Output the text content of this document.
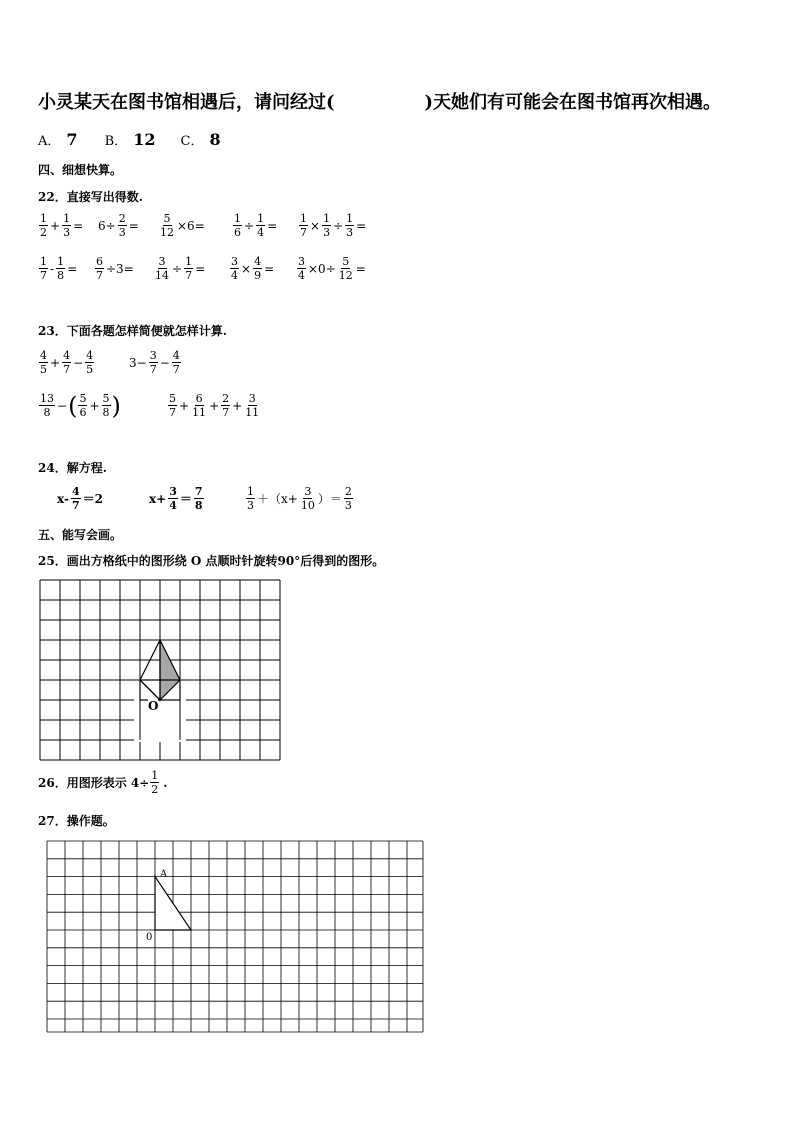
小灵某天在图书馆相遇后，请问经过(	)天她们有可能会在图书馆再次相遇。
A． 7 B． 12 C． 8
四、细想快算。
22．直接写出得数.
$\frac{1}{2} + \frac{1}{3} = 6\div \frac{2}{3} = \frac{5}{12} \times 6=$	$\frac{1}{6} \div \frac{1}{4} = \frac{1}{7} \times \frac{1}{3} \div \frac{1}{3}$ =
$\frac{1}{7} - \frac{1}{8} = \frac{6}{7} \div 3= \frac{3}{14} \div \frac{1}{7} = \frac{3}{4} \times \frac{4}{9} = \frac{3}{4} \times 0\div \frac{5}{12}$ =
23．下面各题怎样简便就怎样计算.
$\frac{4}{5} + \frac{4}{7} - \frac{4}{5}$	$3- \frac{3}{7} - \frac{4}{7}$
$\frac{13}{8}$ − ( $\frac{5}{6} + \frac{5}{8}$ )	$\frac{5}{7} + \frac{6}{11} + \frac{2}{7} + \frac{3}{11}$
24．解方程.
$x- \frac{4}{7} =2$	$x+ \frac{3}{4} = \frac{7}{8}$	$\frac{1}{3} +(x+ \frac{3}{10}$ ）＝ $\frac{2}{3}$
五、能写会画。
25．画出方格纸中的图形绕 O 点顺时针旋转90°后得到的图形。
O
26．用图形表示 $4\div \frac{1}{2}$ .
27．操作题。
A
0
